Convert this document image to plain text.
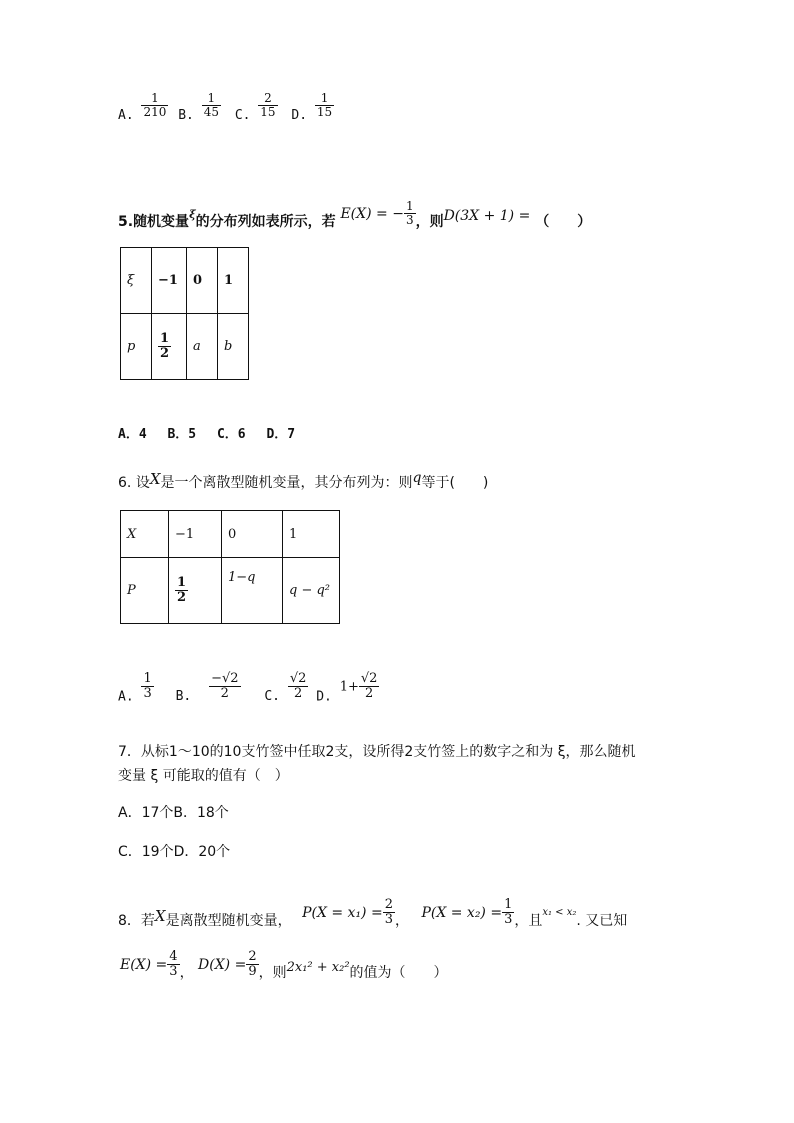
A. $\frac{1}{210} B$. $\frac{1}{45} C$. $\frac{2}{15} D$. $\frac{1}{15}$
5.随机变量$^\xi$的分布列如表所示，若 E(X) = − $\frac{1}{3}$ ，则D(3X + 1) = （　　）
ξ	−1	0	1
p	$\frac{1}{2}$	a	b
A．4　 B．5　 C．6　 D．7
6. 设X是一个离散型随机变量，其分布列为：则q等于(　　)
X	−1	0	1
P	$\frac{1}{2}$	1−q	q − q²
A. $\frac{1}{3} B$. $\frac{-√2}{2} C$. $\frac{√2}{2} D$. $1+ \frac{√2}{2}$
7．从标1～10的10支竹签中任取2支，设所得2支竹签上的数字之和为 ξ，那么随机
变量 ξ 可能取的值有（　）
A．17个B．18个
C．19个D．20个
8．若X是离散型随机变量， $P(X = x_1) = \frac{2}{3}$ ， $P(X = x_2) = \frac{1}{3}$ ，且x₁ < x₂. 又已知
$E(X) = \frac{4}{3}$ ， $D(X) = \frac{2}{9}$ ，则2x₁² + x₂²的值为（　　）
